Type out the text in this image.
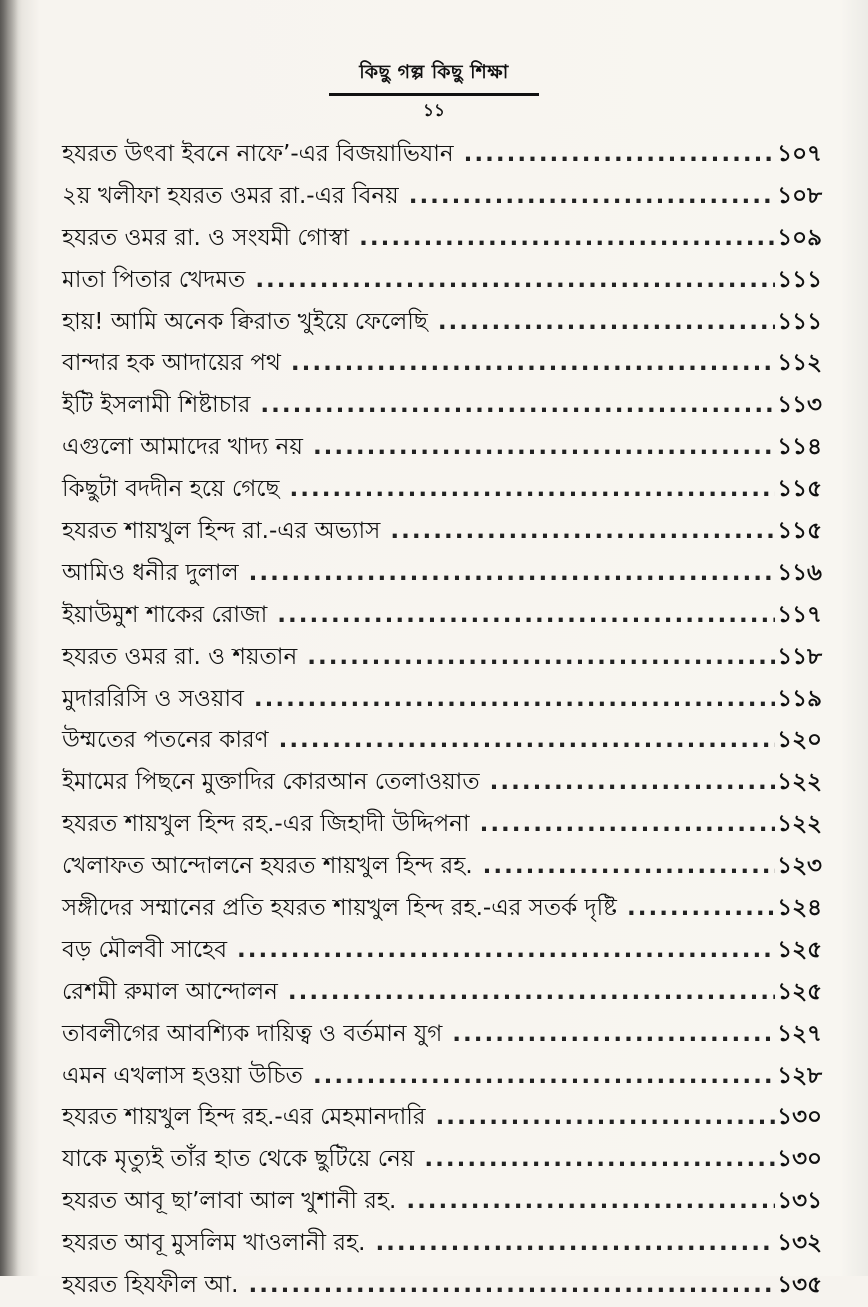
কিছু গল্প কিছু শিক্ষা
১১
হযরত উৎবা ইবনে নাফে’-এর বিজয়াভিযান .....	১০৭
২য় খলীফা হযরত ওমর রা.-এর বিনয় .....	১০৮
হযরত ওমর রা. ও সংযমী গোস্বা .....	১০৯
মাতা পিতার খেদমত .....	১১১
হায়! আমি অনেক ক্বিরাত খুইয়ে ফেলেছি .....	১১১
বান্দার হক আদায়ের পথ .....	১১২
ইটি ইসলামী শিষ্টাচার .....	১১৩
এগুলো আমাদের খাদ্য নয় .....	১১৪
কিছুটা বদদীন হয়ে গেছে .....	১১৫
হযরত শায়খুল হিন্দ রা.-এর অভ্যাস .....	১১৫
আমিও ধনীর দুলাল .....	১১৬
ইয়াউমুশ শাকের রোজা .....	১১৭
হযরত ওমর রা. ও শয়তান .....	১১৮
মুদাররিসি ও সওয়াব .....	১১৯
উম্মতের পতনের কারণ .....	১২০
ইমামের পিছনে মুক্তাদির কোরআন তেলাওয়াত .....	১২২
হযরত শায়খুল হিন্দ রহ.-এর জিহাদী উদ্দিপনা .....	১২২
খেলাফত আন্দোলনে হযরত শায়খুল হিন্দ রহ. .....	১২৩
সঙ্গীদের সম্মানের প্রতি হযরত শায়খুল হিন্দ রহ.-এর সতর্ক দৃষ্টি .....	১২৪
বড় মৌলবী সাহেব .....	১২৫
রেশমী রুমাল আন্দোলন .....	১২৫
তাবলীগের আবশ্যিক দায়িত্ব ও বর্তমান যুগ .....	১২৭
এমন এখলাস হওয়া উচিত .....	১২৮
হযরত শায়খুল হিন্দ রহ.-এর মেহমানদারি .....	১৩০
যাকে মৃত্যুই তাঁর হাত থেকে ছুটিয়ে নেয় .....	১৩০
হযরত আবূ ছা’লাবা আল খুশানী রহ. .....	১৩১
হযরত আবূ মুসলিম খাওলানী রহ. .....	১৩২
হযরত হিযফীল আ. .....	১৩৫
